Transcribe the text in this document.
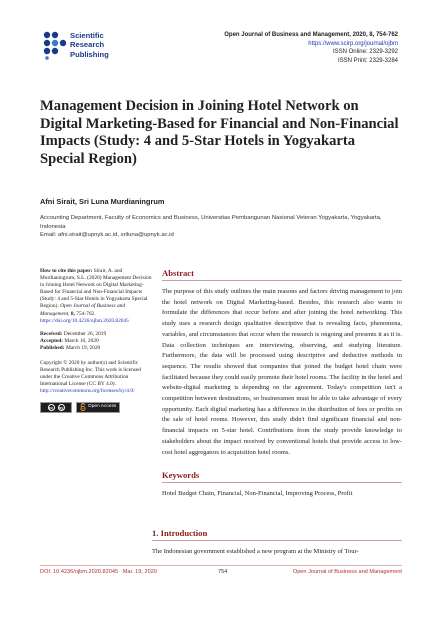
Scientific
Research
Publishing
Open Journal of Business and Management, 2020, 8, 754-762
https://www.scirp.org/journal/ojbm
ISSN Online: 2329-3292
ISSN Print: 2329-3284
Management Decision in Joining Hotel Network on Digital Marketing-Based for Financial and Non-Financial Impacts (Study: 4 and 5-Star Hotels in Yogyakarta Special Region)
Afni Sirait, Sri Luna Murdianingrum
Accounting Department, Faculty of Economics and Business, Universitas Pembangunan Nasional Veteran Yogyakarta, Yogyakarta, Indonesia
Email: afni.sirait@upnyk.ac.id, sriluna@upnyk.ac.id

How to cite this paper: Sirait, A. and Murdianingrum, S.L. (2020) Management Decision in Joining Hotel Network on Digital Marketing-Based for Financial and Non-Financial Impacts (Study: 4 and 5-Star Hotels in Yogyakarta Special Region). Open Journal of Business and Management, 8, 754-762. https://doi.org/10.4236/ojbm.2020.82045

Received: December 26, 2019

Accepted: March 16, 2020

Published: March 19, 2020

Copyright © 2020 by author(s) and Scientific Research Publishing Inc. This work is licensed under the Creative Commons Attribution International License (CC BY 4.0). http://creativecommons.org/licenses/by/4.0/

cc	by	Open Access
Abstract

The purpose of this study outlines the main reasons and factors driving management to join the hotel network on Digital Marketing-based. Besides, this research also wants to formulate the differences that occur before and after joining the hotel networking. This study uses a research design qualitative descriptive that is revealing facts, phenomena, variables, and circumstances that occur when the research is ongoing and presents it as it is. Data collection techniques are interviewing, observing, and studying literature. Furthermore, the data will be processed using descriptive and deductive methods in sequence. The results showed that companies that joined the budget hotel chain were facilitated because they could easily promote their hotel rooms. The facility in the hotel and website-digital marketing is depending on the agreement. Today's competition isn't a competition between destinations, so businessmen must be able to take advantage of every opportunity. Each digital marketing has a difference in the distribution of fees or profits on the sale of hotel rooms. However, this study didn't find significant financial and non-financial impacts on 5-star hotel. Contributions from the study provide knowledge to stakeholders about the impact received by conventional hotels that provide access to low-cost hotel aggregators to acquisition hotel rooms.

Keywords

Hotel Budget Chain, Financial, Non-Financial, Improving Process, Profit

1. Introduction

The Indonesian government established a new program at the Ministry of Tour-

DOI: 10.4236/ojbm.2020.82045 Mar. 19, 2020	754	Open Journal of Business and Management
